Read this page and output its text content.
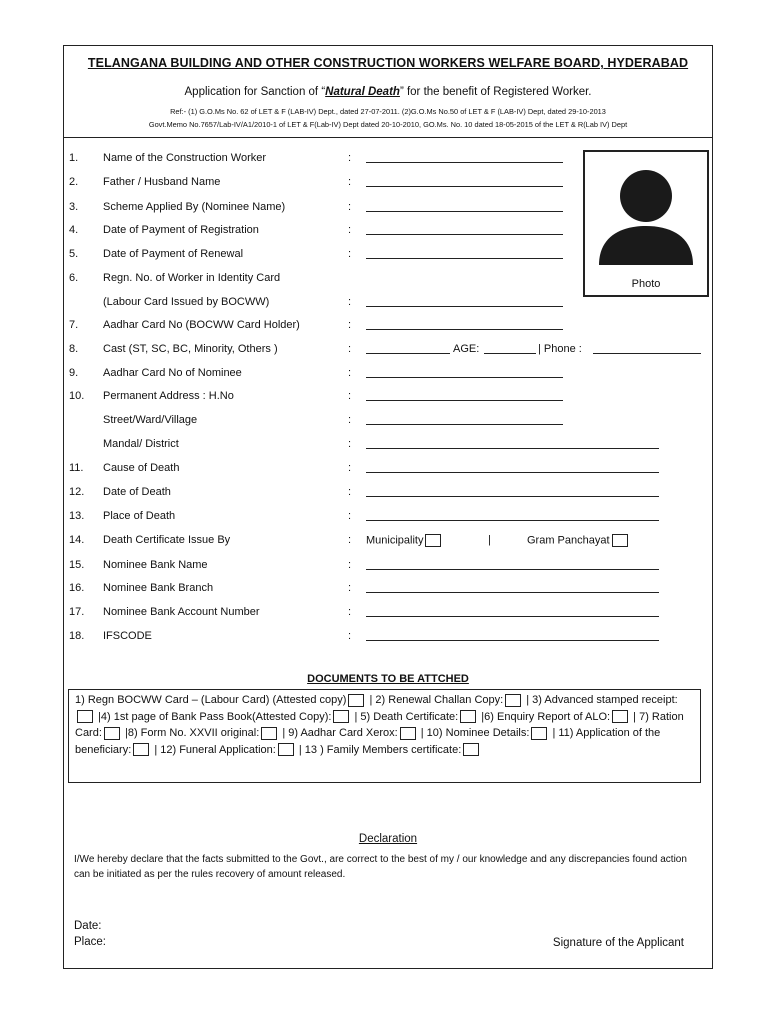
TELANGANA BUILDING AND OTHER CONSTRUCTION WORKERS WELFARE BOARD, HYDERABAD
Application for Sanction of “Natural Death” for the benefit of Registered Worker.
Ref:- (1) G.O.Ms No. 62 of LET & F (LAB-IV) Dept., dated 27-07-2011. (2)G.O.Ms No.50 of LET & F (LAB-IV) Dept, dated 29-10-2013
Govt.Memo No.7657/Lab-IV/A1/2010-1 of LET & F(Lab-IV) Dept dated 20-10-2010, GO.Ms. No. 10 dated 18-05-2015 of the LET & R(Lab IV) Dept
Photo
1.	Name of the Construction Worker	:
2.	Father / Husband Name	:
3.	Scheme Applied By (Nominee Name)	:
4.	Date of Payment of Registration	:
5.	Date of Payment of Renewal	:
6.	Regn. No. of Worker in Identity Card
(Labour Card Issued by BOCWW)	:
7.	Aadhar Card No (BOCWW Card Holder)	:
8.	Cast (ST, SC, BC, Minority, Others )	:	AGE:	| Phone :
9.	Aadhar Card No of Nominee	:
10.	Permanent Address : H.No	:
Street/Ward/Village	:
Mandal/ District	:
11.	Cause of Death	:
12.	Date of Death	:
13.	Place of Death	:
14.	Death Certificate Issue By	: Municipality	|	Gram Panchayat
15.	Nominee Bank Name	:
16.	Nominee Bank Branch	:
17.	Nominee Bank Account Number	:
18.	IFSCODE	:
DOCUMENTS TO BE ATTCHED
1) Regn BOCWW Card – (Labour Card) (Attested copy) | 2) Renewal Challan Copy: | 3) Advanced stamped receipt: |4) 1st page of Bank Pass Book(Attested Copy): | 5) Death Certificate: |6) Enquiry Report of ALO: | 7) Ration Card: |8) Form No. XXVII original: | 9) Aadhar Card Xerox: | 10) Nominee Details: | 11) Application of the beneficiary: | 12) Funeral Application: | 13 ) Family Members certificate:
Declaration
I/We hereby declare that the facts submitted to the Govt., are correct to the best of my / our knowledge and any discrepancies found action can be initiated as per the rules recovery of amount released.
Date:
Place:	Signature of the Applicant
